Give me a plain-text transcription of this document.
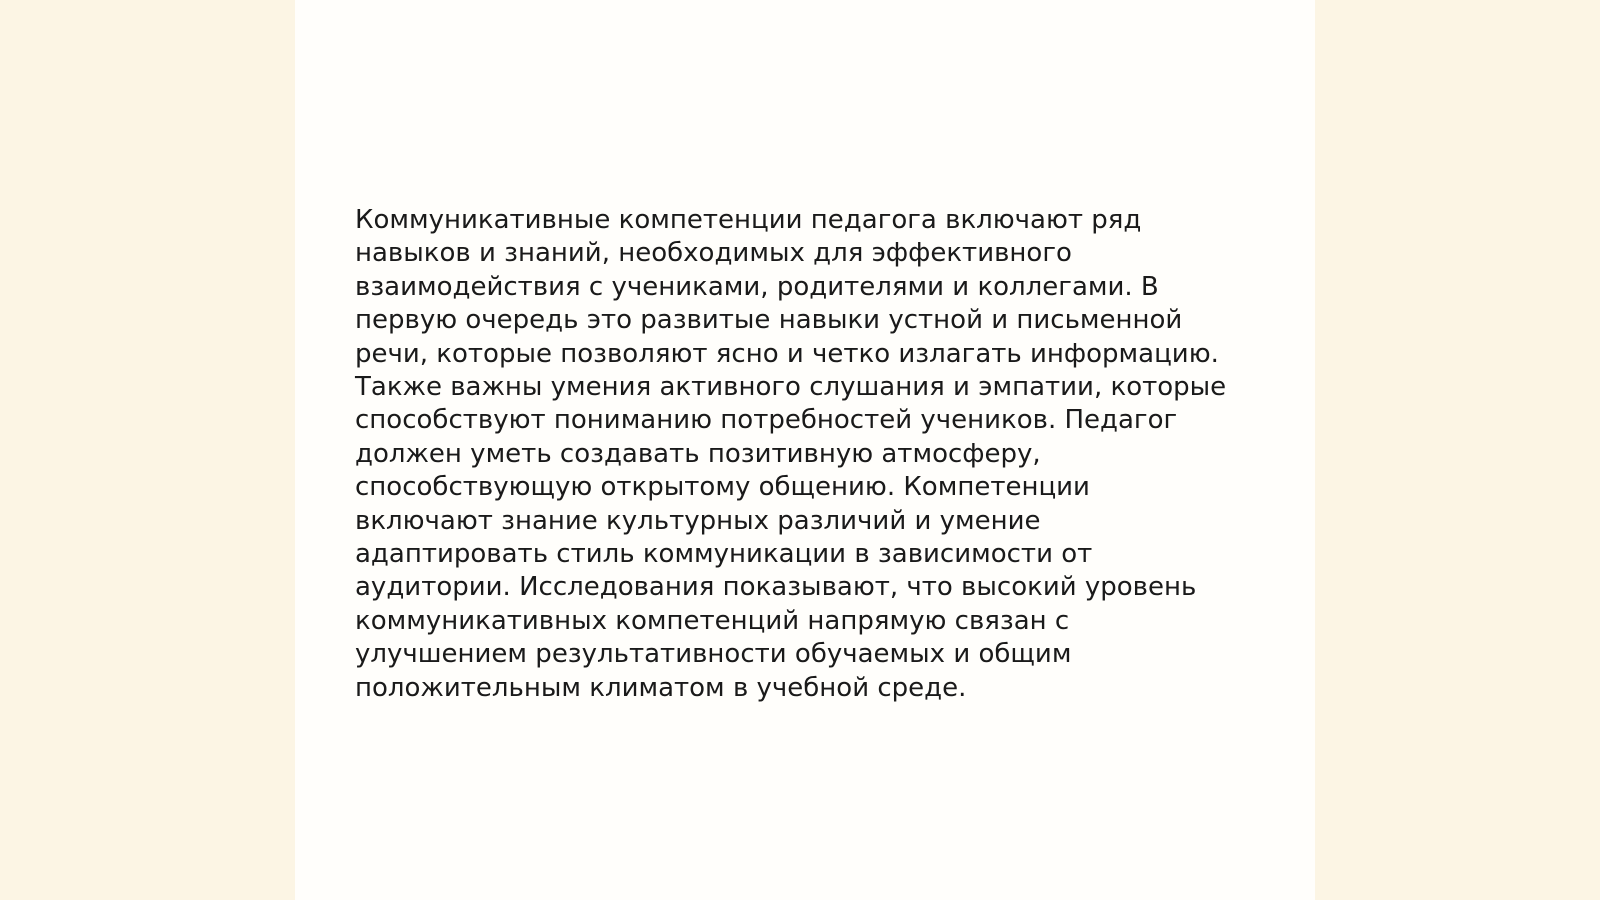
Коммуникативные компетенции педагога включают ряд
навыков и знаний, необходимых для эффективного
взаимодействия с учениками, родителями и коллегами. В
первую очередь это развитые навыки устной и письменной
речи, которые позволяют ясно и четко излагать информацию.
Также важны умения активного слушания и эмпатии, которые
способствуют пониманию потребностей учеников. Педагог
должен уметь создавать позитивную атмосферу,
способствующую открытому общению. Компетенции
включают знание культурных различий и умение
адаптировать стиль коммуникации в зависимости от
аудитории. Исследования показывают, что высокий уровень
коммуникативных компетенций напрямую связан с
улучшением результативности обучаемых и общим
положительным климатом в учебной среде.
